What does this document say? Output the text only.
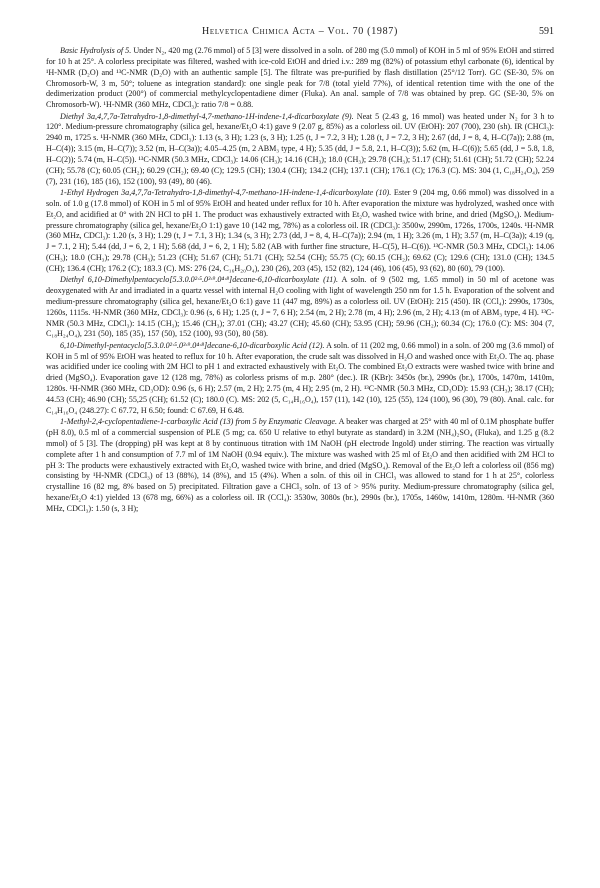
Helvetica Chimica Acta – Vol. 70 (1987)	591

Basic Hydrolysis of 5. Under N₂, 420 mg (2.76 mmol) of 5 [3] were dissolved in a soln. of 280 mg (5.0 mmol) of KOH in 5 ml of 95% EtOH and stirred for 10 h at 25°. A colorless precipitate was filtered, washed with ice-cold EtOH and dried i.v.: 289 mg (82%) of potassium ethyl carbonate (6), identical by ¹H-NMR (D₂O) and ¹³C-NMR (D₂O) with an authentic sample [5]. The filtrate was pre-purified by flash distillation (25°/12 Torr). GC (SE-30, 5% on Chromosorb-W, 3 m, 50°; toluene as integration standard): one single peak for 7/8 (total yield 77%), of identical retention time with the one of the dedimerization product (200°) of commercial methylcyclopentadiene dimer (Fluka). An anal. sample of 7/8 was obtained by prep. GC (SE-30, 5% on Chromosorb-W). ¹H-NMR (360 MHz, CDCl₃): ratio 7/8 = 0.88.

Diethyl 3a,4,7,7a-Tetrahydro-1,8-dimethyl-4,7-methano-1H-indene-1,4-dicarboxylate (9). Neat 5 (2.43 g, 16 mmol) was heated under N₂ for 3 h to 120°. Medium-pressure chromatography (silica gel, hexane/Et₂O 4:1) gave 9 (2.07 g, 85%) as a colorless oil. UV (EtOH): 207 (700), 230 (sh). IR (CHCl₃): 2940 m, 1725 s. ¹H-NMR (360 MHz, CDCl₃): 1.13 (s, 3 H); 1.23 (s, 3 H); 1.25 (t, J = 7.2, 3 H); 1.28 (t, J = 7.2, 3 H); 2.67 (dd, J = 8, 4, H–C(7a)); 2.88 (m, H–C(4)); 3.15 (m, H–C(7)); 3.52 (m, H–C(3a)); 4.05–4.25 (m, 2 ABM₃ type, 4 H); 5.35 (dd, J = 5.8, 2.1, H–C(3)); 5.62 (m, H–C(6)); 5.65 (dd, J = 5.8, 1.8, H–C(2)); 5.74 (m, H–C(5)). ¹³C-NMR (50.3 MHz, CDCl₃): 14.06 (CH₃); 14.16 (CH₃); 18.0 (CH₃); 29.78 (CH₃); 51.17 (CH); 51.61 (CH); 51.72 (CH); 52.24 (CH); 55.78 (C); 60.05 (CH₂); 60.29 (CH₂); 69.40 (C); 129.5 (CH); 130.4 (CH); 134.2 (CH); 137.1 (CH); 176.1 (C); 176.3 (C). MS: 304 (1, C₁₈H₂₄O₄), 259 (7), 231 (16), 185 (16), 152 (100), 93 (49), 80 (46).

1-Ethyl Hydrogen 3a,4,7,7a-Tetrahydro-1,8-dimethyl-4,7-methano-1H-indene-1,4-dicarboxylate (10). Ester 9 (204 mg, 0.66 mmol) was dissolved in a soln. of 1.0 g (17.8 mmol) of KOH in 5 ml of 95% EtOH and heated under reflux for 10 h. After evaporation the mixture was hydrolyzed, washed once with Et₂O, and acidified at 0° with 2N HCl to pH 1. The product was exhaustively extracted with Et₂O, washed twice with brine, and dried (MgSO₄). Medium-pressure chromatography (silica gel, hexane/Et₂O 1:1) gave 10 (142 mg, 78%) as a colorless oil. IR (CDCl₃): 3500w, 2990m, 1726s, 1700s, 1240s. ¹H-NMR (360 MHz, CDCl₃): 1.20 (s, 3 H); 1.29 (t, J = 7.1, 3 H); 1.34 (s, 3 H); 2.73 (dd, J = 8, 4, H–C(7a)); 2.94 (m, 1 H); 3.26 (m, 1 H); 3.57 (m, H–C(3a)); 4.19 (q, J = 7.1, 2 H); 5.44 (dd, J = 6, 2, 1 H); 5.68 (dd, J = 6, 2, 1 H); 5.82 (AB with further fine structure, H–C(5), H–C(6)). ¹³C-NMR (50.3 MHz, CDCl₃): 14.06 (CH₃); 18.0 (CH₃); 29.78 (CH₃); 51.23 (CH); 51.67 (CH); 51.71 (CH); 52.54 (CH); 55.75 (C); 60.15 (CH₂); 69.62 (C); 129.6 (CH); 131.0 (CH); 134.5 (CH); 136.4 (CH); 176.2 (C); 183.3 (C). MS: 276 (24, C₁₆H₂₀O₄), 230 (26), 203 (45), 152 (82), 124 (46), 106 (45), 93 (62), 80 (60), 79 (100).

Diethyl 6,10-Dimethylpentacyclo[5.3.0.0²·⁵.0³·⁹.0⁴·⁸]decane-6,10-dicarboxylate (11). A soln. of 9 (502 mg, 1.65 mmol) in 50 ml of acetone was deoxygenated with Ar and irradiated in a quartz vessel with internal H₂O cooling with light of wavelength 250 nm for 1.5 h. Evaporation of the solvent and medium-pressure chromatography (silica gel, hexane/Et₂O 6:1) gave 11 (447 mg, 89%) as a colorless oil. UV (EtOH): 215 (450). IR (CCl₄): 2990s, 1730s, 1260s, 1115s. ¹H-NMR (360 MHz, CDCl₃): 0.96 (s, 6 H); 1.25 (t, J = 7, 6 H); 2.54 (m, 2 H); 2.78 (m, 4 H); 2.96 (m, 2 H); 4.13 (m of ABM₃ type, 4 H). ¹³C-NMR (50.3 MHz, CDCl₃): 14.15 (CH₃); 15.46 (CH₃); 37.01 (CH); 43.27 (CH); 45.60 (CH); 53.95 (CH); 59.96 (CH₂); 60.34 (C); 176.0 (C): MS: 304 (7, C₁₈H₂₄O₄), 231 (50), 185 (35), 157 (50), 152 (100), 93 (50), 80 (58).

6,10-Dimethyl-pentacyclo[5.3.0.0²·⁵.0³·⁹.0⁴·⁸]decane-6,10-dicarboxylic Acid (12). A soln. of 11 (202 mg, 0.66 mmol) in a soln. of 200 mg (3.6 mmol) of KOH in 5 ml of 95% EtOH was heated to reflux for 10 h. After evaporation, the crude salt was dissolved in H₂O and washed once with Et₂O. The aq. phase was acidified under ice cooling with 2M HCl to pH 1 and extracted exhaustively with Et₂O. The combined Et₂O extracts were washed twice with brine and dried (MgSO₄). Evaporation gave 12 (128 mg, 78%) as colorless prisms of m.p. 280° (dec.). IR (KBr): 3450s (br.), 2990s (br.), 1700s, 1470m, 1410m, 1280s. ¹H-NMR (360 MHz, CD₃OD): 0.96 (s, 6 H); 2.57 (m, 2 H); 2.75 (m, 4 H); 2.95 (m, 2 H). ¹³C-NMR (50.3 MHz, CD₃OD): 15.93 (CH₃); 38.17 (CH); 44.53 (CH); 46.90 (CH); 55,25 (CH); 61.52 (C); 180.0 (C). MS: 202 (5, C₁₄H₁₆O₄), 157 (11), 142 (10), 125 (55), 124 (100), 96 (30), 79 (80). Anal. calc. for C₁₄H₁₆O₄ (248.27): C 67.72, H 6.50; found: C 67.69, H 6.48.

1-Methyl-2,4-cyclopentadiene-1-carboxylic Acid (13) from 5 by Enzymatic Cleavage. A beaker was charged at 25° with 40 ml of 0.1M phosphate buffer (pH 8.0), 0.5 ml of a commercial suspension of PLE (5 mg; ca. 650 U relative to ethyl butyrate as standard) in 3.2M (NH₄)₂SO₄ (Fluka), and 1.25 g (8.2 mmol) of 5 [3]. The (dropping) pH was kept at 8 by continuous titration with 1M NaOH (pH electrode Ingold) under stirring. The reaction was virtually complete after 1 h and consumption of 7.7 ml of 1M NaOH (0.94 equiv.). The mixture was washed with 25 ml of Et₂O and then acidified with 2M HCl to pH 3: The products were exhaustively extracted with Et₂O, washed twice with brine, and dried (MgSO₄). Removal of the Et₂O left a colorless oil (856 mg) consisting by ¹H-NMR (CDCl₃) of 13 (88%), 14 (8%), and 15 (4%). When a soln. of this oil in CHCl₃ was allowed to stand for 1 h at 25°, colorless crystalline 16 (82 mg, 8% based on 5) precipitated. Filtration gave a CHCl₃ soln. of 13 of > 95% purity. Medium-pressure chromatography (silica gel, hexane/Et₂O 4:1) yielded 13 (678 mg, 66%) as a colorless oil. IR (CCl₄): 3530w, 3080s (br.), 2990s (br.), 1705s, 1460w, 1410m, 1280m. ¹H-NMR (360 MHz, CDCl₃): 1.50 (s, 3 H);
